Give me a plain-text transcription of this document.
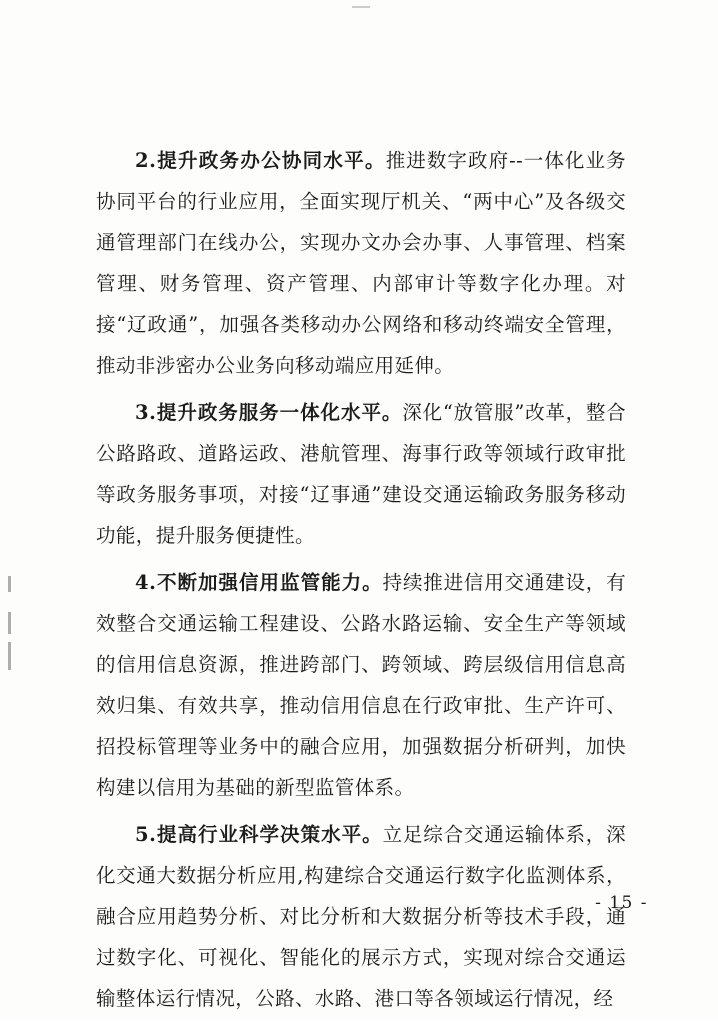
2.提升政务办公协同水平。推进数字政府--一体化业务协同平台的行业应用，全面实现厅机关、“两中心”及各级交通管理部门在线办公，实现办文办会办事、人事管理、档案管理、财务管理、资产管理、内部审计等数字化办理。对接“辽政通”，加强各类移动办公网络和移动终端安全管理，推动非涉密办公业务向移动端应用延伸。

3.提升政务服务一体化水平。深化“放管服”改革，整合公路路政、道路运政、港航管理、海事行政等领域行政审批等政务服务事项，对接“辽事通”建设交通运输政务服务移动功能，提升服务便捷性。

4.不断加强信用监管能力。持续推进信用交通建设，有效整合交通运输工程建设、公路水路运输、安全生产等领域的信用信息资源，推进跨部门、跨领域、跨层级信用信息高效归集、有效共享，推动信用信息在行政审批、生产许可、招投标管理等业务中的融合应用，加强数据分析研判，加快构建以信用为基础的新型监管体系。

5.提高行业科学决策水平。立足综合交通运输体系，深化交通大数据分析应用,构建综合交通运行数字化监测体系，融合应用趋势分析、对比分析和大数据分析等技术手段，通过数字化、可视化、智能化的展示方式，实现对综合交通运输整体运行情况，公路、水路、港口等各领域运行情况，经

- 15 -
